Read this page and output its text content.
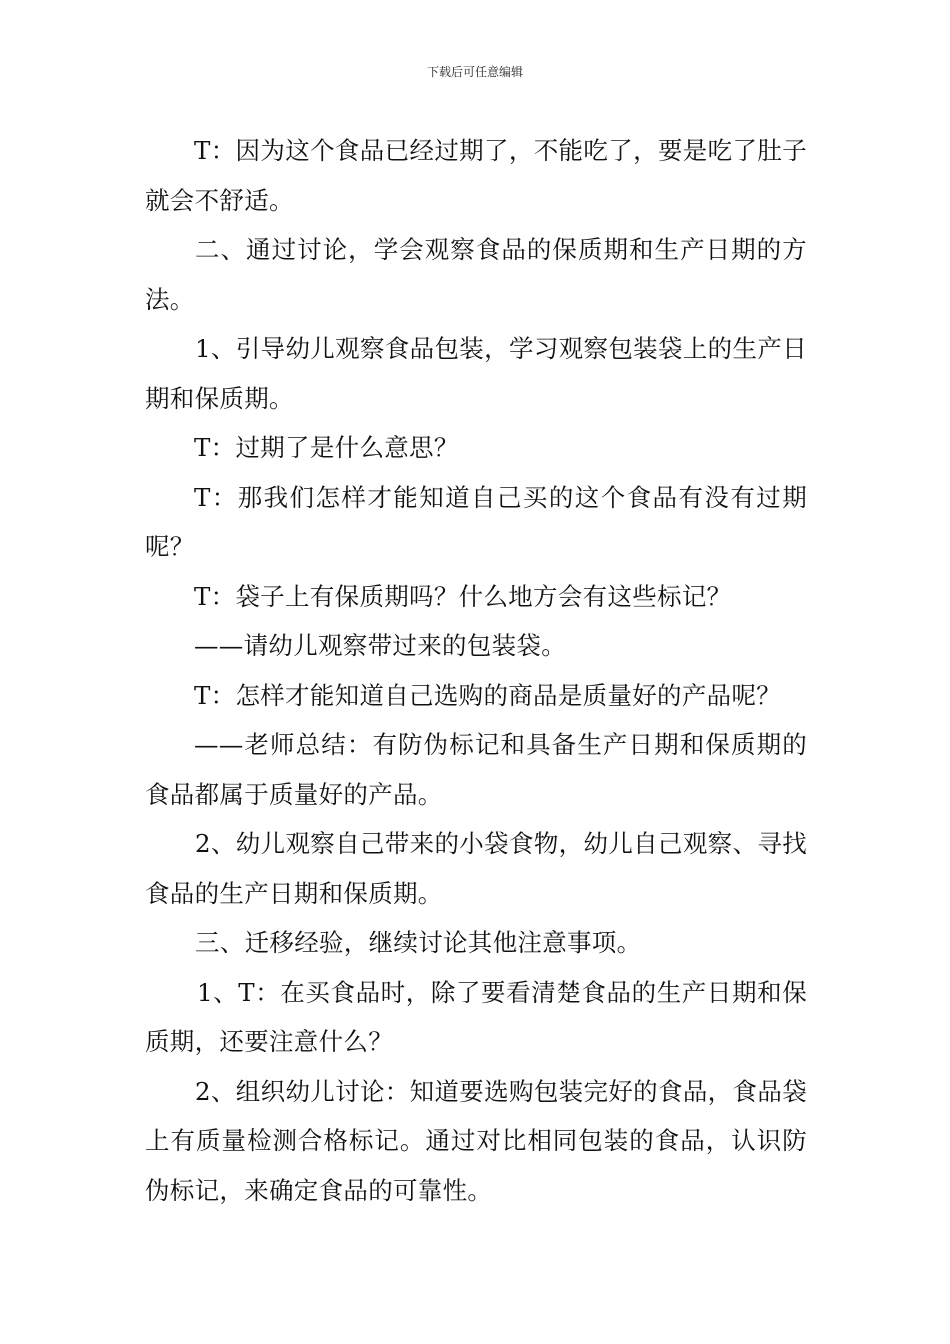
下载后可任意编辑

T：因为这个食品已经过期了，不能吃了，要是吃了肚子就会不舒适。

二、通过讨论，学会观察食品的保质期和生产日期的方法。

1、引导幼儿观察食品包装，学习观察包装袋上的生产日期和保质期。

T：过期了是什么意思？

T：那我们怎样才能知道自己买的这个食品有没有过期呢？

T：袋子上有保质期吗？什么地方会有这些标记？

——请幼儿观察带过来的包装袋。

T：怎样才能知道自己选购的商品是质量好的产品呢？

——老师总结：有防伪标记和具备生产日期和保质期的食品都属于质量好的产品。

2、幼儿观察自己带来的小袋食物，幼儿自己观察、寻找食品的生产日期和保质期。

三、迁移经验，继续讨论其他注意事项。

1、T：在买食品时，除了要看清楚食品的生产日期和保质期，还要注意什么？

2、组织幼儿讨论：知道要选购包装完好的食品，食品袋上有质量检测合格标记。通过对比相同包装的食品，认识防伪标记，来确定食品的可靠性。
